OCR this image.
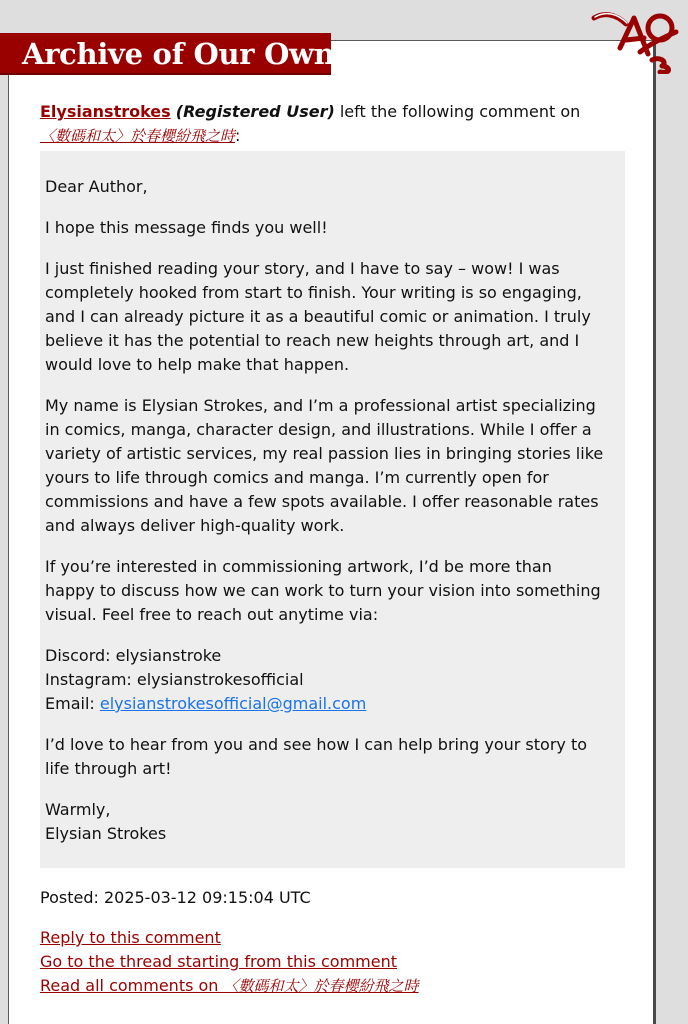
Archive of Our Own
Elysianstrokes (Registered User) left the following comment on
〈數碼和太〉於春櫻紛飛之時:

Dear Author,

I hope this message finds you well!

I just finished reading your story, and I have to say – wow! I was
completely hooked from start to finish. Your writing is so engaging,
and I can already picture it as a beautiful comic or animation. I truly
believe it has the potential to reach new heights through art, and I
would love to help make that happen.

My name is Elysian Strokes, and I’m a professional artist specializing
in comics, manga, character design, and illustrations. While I offer a
variety of artistic services, my real passion lies in bringing stories like
yours to life through comics and manga. I’m currently open for
commissions and have a few spots available. I offer reasonable rates
and always deliver high-quality work.

If you’re interested in commissioning artwork, I’d be more than
happy to discuss how we can work to turn your vision into something
visual. Feel free to reach out anytime via:

Discord: elysianstroke
Instagram: elysianstrokesofficial
Email: elysianstrokesofficial@gmail.com

I’d love to hear from you and see how I can help bring your story to
life through art!

Warmly,
Elysian Strokes

Posted: 2025-03-12 09:15:04 UTC
Reply to this comment
Go to the thread starting from this comment
Read all comments on 〈數碼和太〉於春櫻紛飛之時
